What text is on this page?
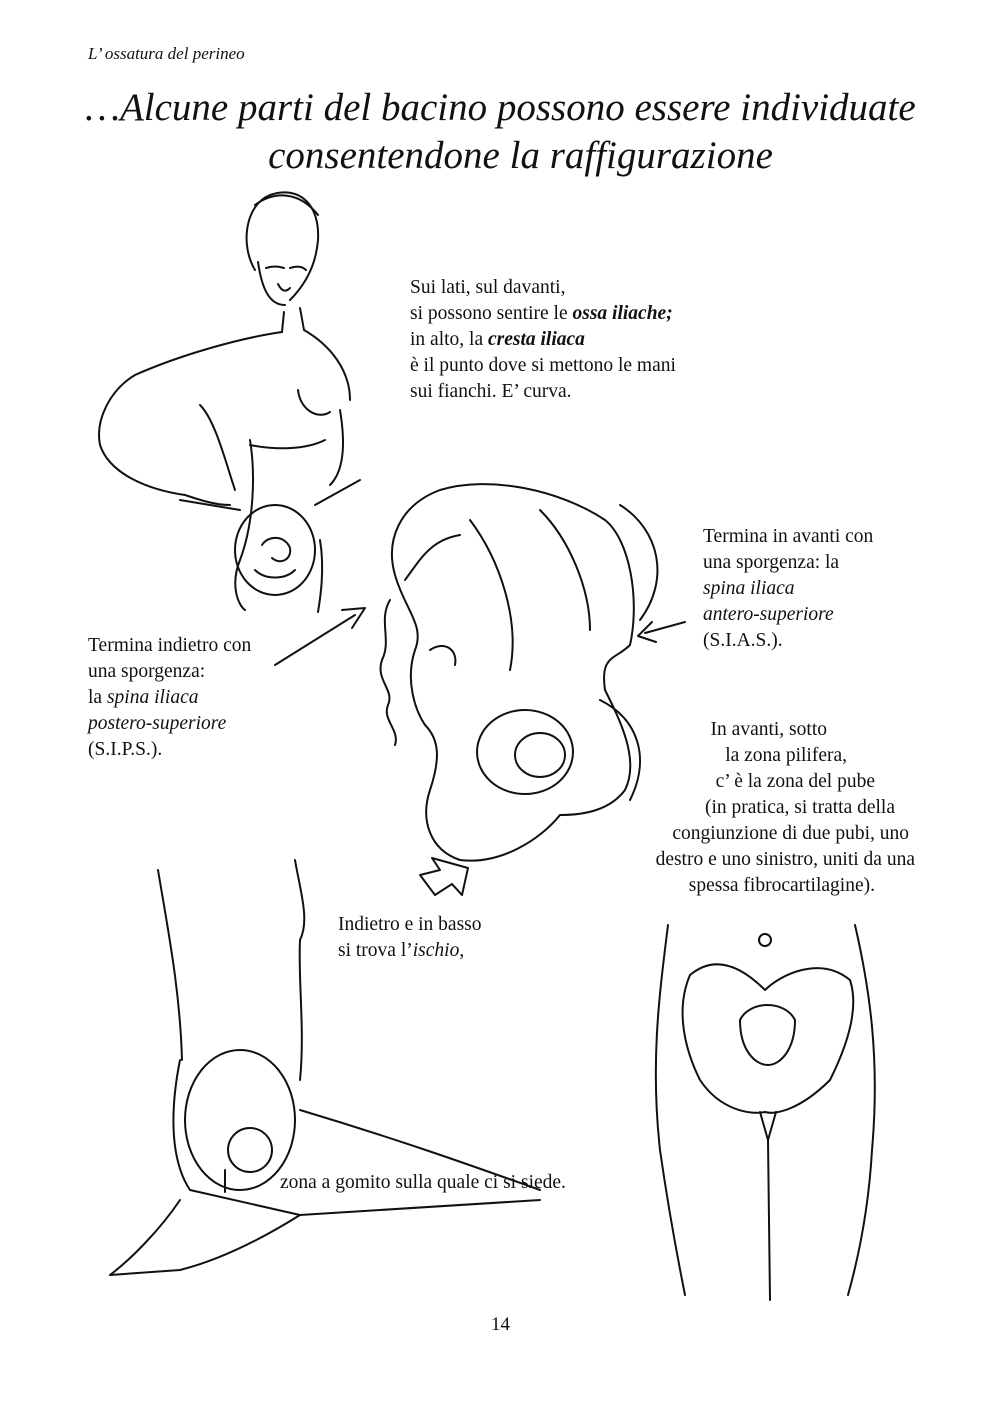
L’ ossatura del perineo
…Alcune parti del bacino possono essere individuate
consentendone la raffigurazione
Sui lati, sul davanti,
si possono sentire le ossa iliache;
in alto, la cresta iliaca
è il punto dove si mettono le mani
sui fianchi. E’ curva.
Termina in avanti con
una sporgenza: la
spina iliaca
antero-superiore
(S.I.A.S.).
Termina indietro con
una sporgenza:
la spina iliaca
postero-superiore
(S.I.P.S.).
In avanti, sotto
la zona pilifera,
c’ è la zona del pube
(in pratica, si tratta della
congiunzione di due pubi, uno
destro e uno sinistro, uniti da una
spessa fibrocartilagine).
Indietro e in basso
si trova l’ischio,
zona a gomito sulla quale ci si siede.
14
